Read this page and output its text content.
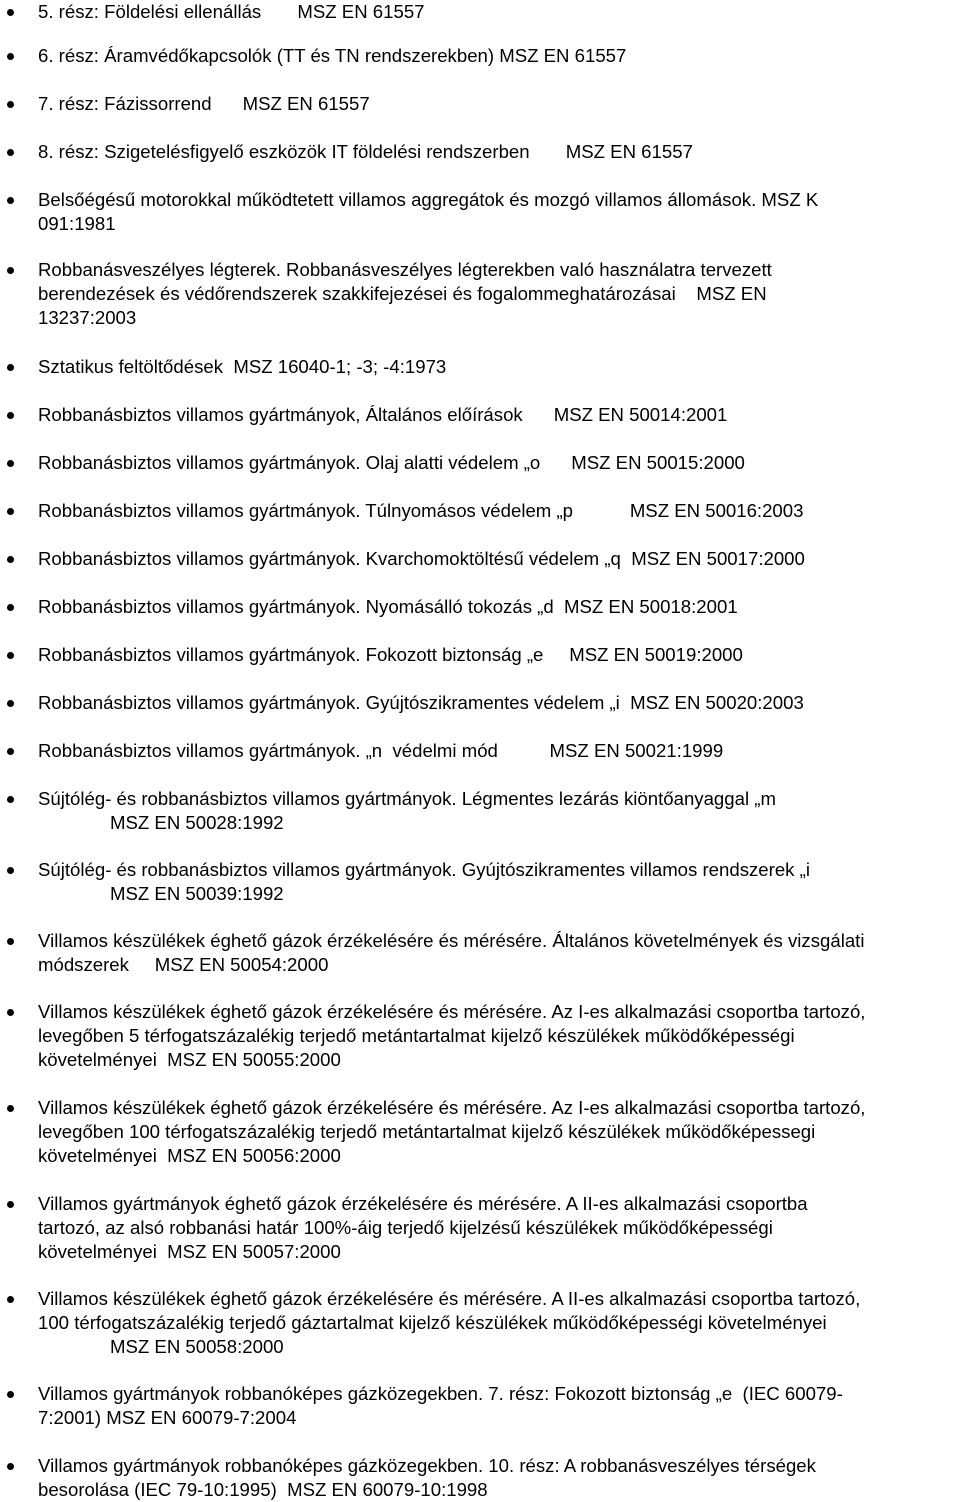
5. rész: Földelési ellenállás       MSZ EN 61557
6. rész: Áramvédőkapcsolók (TT és TN rendszerekben) MSZ EN 61557
7. rész: Fázissorrend      MSZ EN 61557
8. rész: Szigetelésfigyelő eszközök IT földelési rendszerben       MSZ EN 61557
Belsőégésű motorokkal működtetett villamos aggregátok és mozgó villamos állomások. MSZ K
091:1981
Robbanásveszélyes légterek. Robbanásveszélyes légterekben való használatra tervezett
berendezések és védőrendszerek szakkifejezései és fogalommeghatározásai    MSZ EN
13237:2003
Sztatikus feltöltődések  MSZ 16040-1; -3; -4:1973
Robbanásbiztos villamos gyártmányok, Általános előírások      MSZ EN 50014:2001
Robbanásbiztos villamos gyártmányok. Olaj alatti védelem „o      MSZ EN 50015:2000
Robbanásbiztos villamos gyártmányok. Túlnyomásos védelem „p           MSZ EN 50016:2003
Robbanásbiztos villamos gyártmányok. Kvarchomoktöltésű védelem „q  MSZ EN 50017:2000
Robbanásbiztos villamos gyártmányok. Nyomásálló tokozás „d  MSZ EN 50018:2001
Robbanásbiztos villamos gyártmányok. Fokozott biztonság „e     MSZ EN 50019:2000
Robbanásbiztos villamos gyártmányok. Gyújtószikramentes védelem „i  MSZ EN 50020:2003
Robbanásbiztos villamos gyártmányok. „n  védelmi mód          MSZ EN 50021:1999
Sújtólég- és robbanásbiztos villamos gyártmányok. Légmentes lezárás kiöntőanyaggal „m
MSZ EN 50028:1992
Sújtólég- és robbanásbiztos villamos gyártmányok. Gyújtószikramentes villamos rendszerek „i
MSZ EN 50039:1992
Villamos készülékek éghető gázok érzékelésére és mérésére. Általános követelmények és vizsgálati
módszerek     MSZ EN 50054:2000
Villamos készülékek éghető gázok érzékelésére és mérésére. Az I-es alkalmazási csoportba tartozó,
levegőben 5 térfogatszázalékig terjedő metántartalmat kijelző készülékek működőképességi
követelményei  MSZ EN 50055:2000
Villamos készülékek éghető gázok érzékelésére és mérésére. Az I-es alkalmazási csoportba tartozó,
levegőben 100 térfogatszázalékig terjedő metántartalmat kijelző készülékek működőképessegi
követelményei  MSZ EN 50056:2000
Villamos gyártmányok éghető gázok érzékelésére és mérésére. A II-es alkalmazási csoportba
tartozó, az alsó robbanási határ 100%-áig terjedő kijelzésű készülékek működőképességi
követelményei  MSZ EN 50057:2000
Villamos készülékek éghető gázok érzékelésére és mérésére. A II-es alkalmazási csoportba tartozó,
100 térfogatszázalékig terjedő gáztartalmat kijelző készülékek működőképességi követelményei
MSZ EN 50058:2000
Villamos gyártmányok robbanóképes gázközegekben. 7. rész: Fokozott biztonság „e  (IEC 60079-
7:2001) MSZ EN 60079-7:2004
Villamos gyártmányok robbanóképes gázközegekben. 10. rész: A robbanásveszélyes térségek
besorolása (IEC 79-10:1995)  MSZ EN 60079-10:1998
